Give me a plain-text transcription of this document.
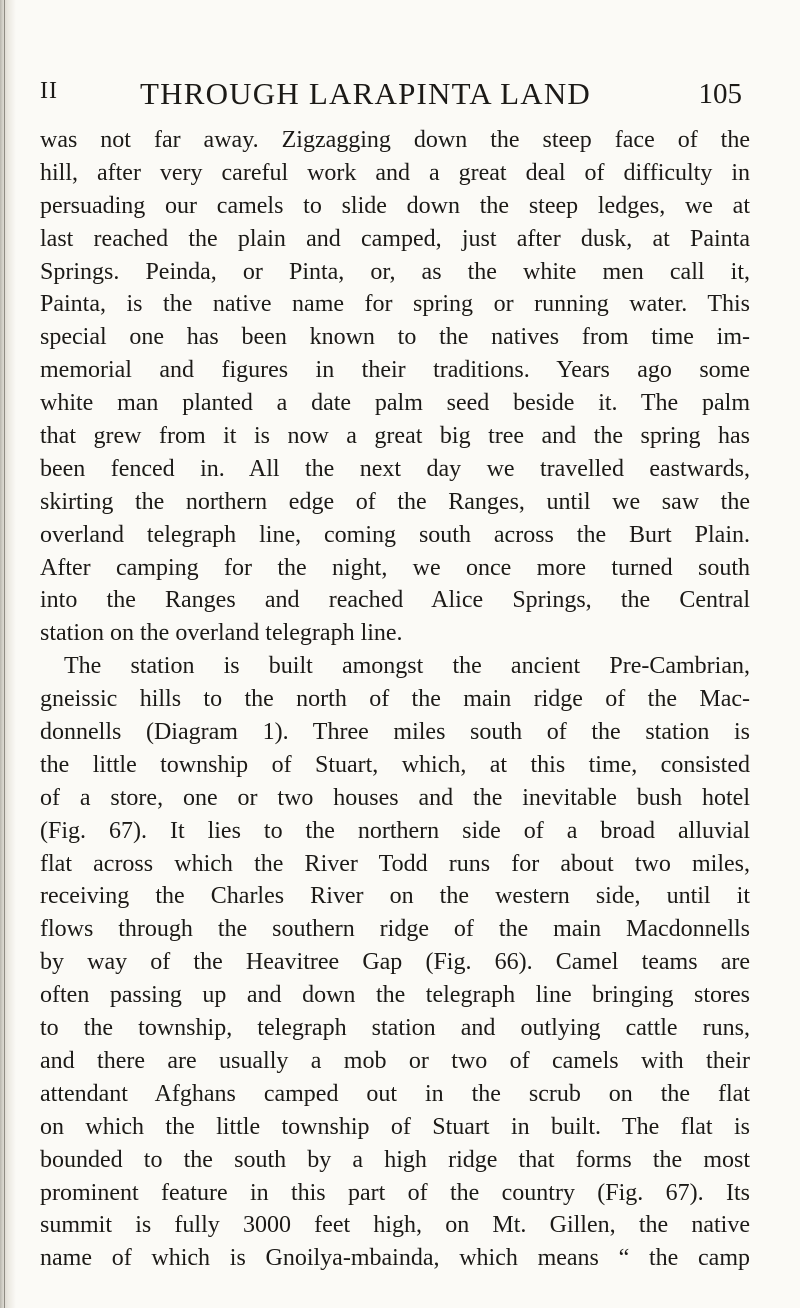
II	THROUGH LARAPINTA LAND	105
was not far away. Zigzagging down the steep face of the
hill, after very careful work and a great deal of difficulty in
persuading our camels to slide down the steep ledges, we at
last reached the plain and camped, just after dusk, at Painta
Springs. Peinda, or Pinta, or, as the white men call it,
Painta, is the native name for spring or running water. This
special one has been known to the natives from time im-
memorial and figures in their traditions. Years ago some
white man planted a date palm seed beside it. The palm
that grew from it is now a great big tree and the spring has
been fenced in. All the next day we travelled eastwards,
skirting the northern edge of the Ranges, until we saw the
overland telegraph line, coming south across the Burt Plain.
After camping for the night, we once more turned south
into the Ranges and reached Alice Springs, the Central
station on the overland telegraph line.
The station is built amongst the ancient Pre-Cambrian,
gneissic hills to the north of the main ridge of the Mac-
donnells (Diagram 1). Three miles south of the station is
the little township of Stuart, which, at this time, consisted
of a store, one or two houses and the inevitable bush hotel
(Fig. 67). It lies to the northern side of a broad alluvial
flat across which the River Todd runs for about two miles,
receiving the Charles River on the western side, until it
flows through the southern ridge of the main Macdonnells
by way of the Heavitree Gap (Fig. 66). Camel teams are
often passing up and down the telegraph line bringing stores
to the township, telegraph station and outlying cattle runs,
and there are usually a mob or two of camels with their
attendant Afghans camped out in the scrub on the flat
on which the little township of Stuart in built. The flat is
bounded to the south by a high ridge that forms the most
prominent feature in this part of the country (Fig. 67). Its
summit is fully 3000 feet high, on Mt. Gillen, the native
name of which is Gnoilya-mbainda, which means “ the camp
